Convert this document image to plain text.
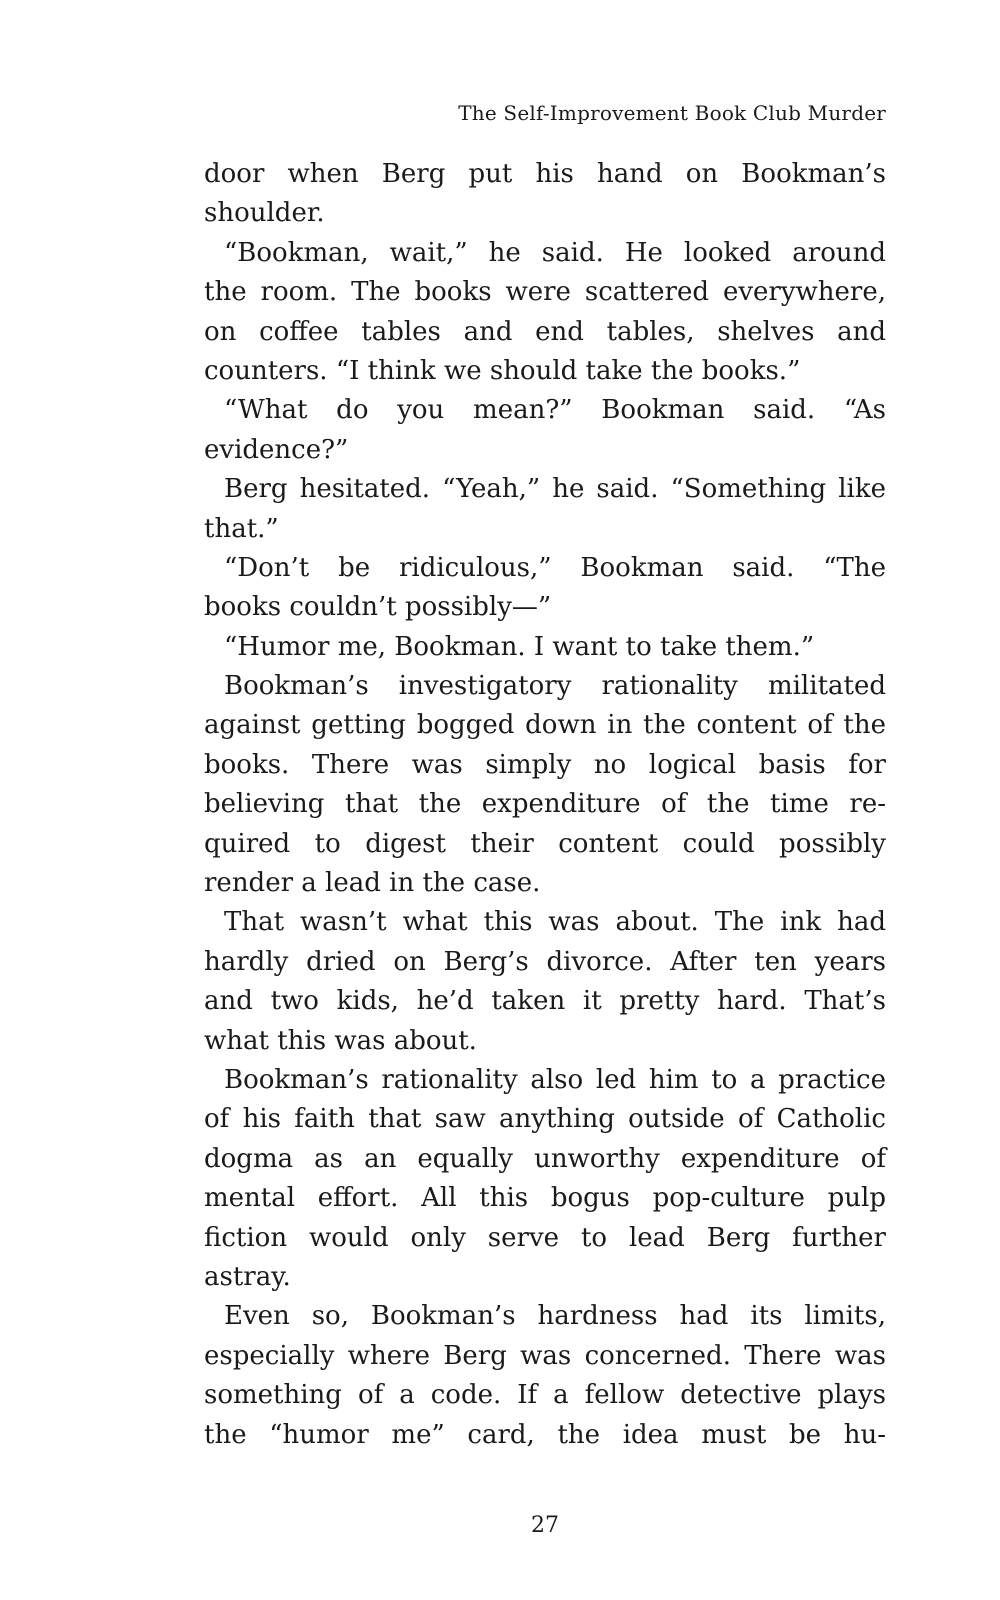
The Self-Improvement Book Club Murder
door when Berg put his hand on Bookman’s
shoulder.
“Bookman, wait,” he said. He looked around
the room. The books were scattered everywhere,
on coffee tables and end tables, shelves and
counters. “I think we should take the books.”
“What do you mean?” Bookman said. “As
evidence?”
Berg hesitated. “Yeah,” he said. “Something like
that.”
“Don’t be ridiculous,” Bookman said. “The
books couldn’t possibly—”
“Humor me, Bookman. I want to take them.”
Bookman’s investigatory rationality militated
against getting bogged down in the content of the
books. There was simply no logical basis for
believing that the expenditure of the time re-
quired to digest their content could possibly
render a lead in the case.
That wasn’t what this was about. The ink had
hardly dried on Berg’s divorce. After ten years
and two kids, he’d taken it pretty hard. That’s
what this was about.
Bookman’s rationality also led him to a practice
of his faith that saw anything outside of Catholic
dogma as an equally unworthy expenditure of
mental effort. All this bogus pop-culture pulp
fiction would only serve to lead Berg further
astray.
Even so, Bookman’s hardness had its limits,
especially where Berg was concerned. There was
something of a code. If a fellow detective plays
the “humor me” card, the idea must be hu-
27
